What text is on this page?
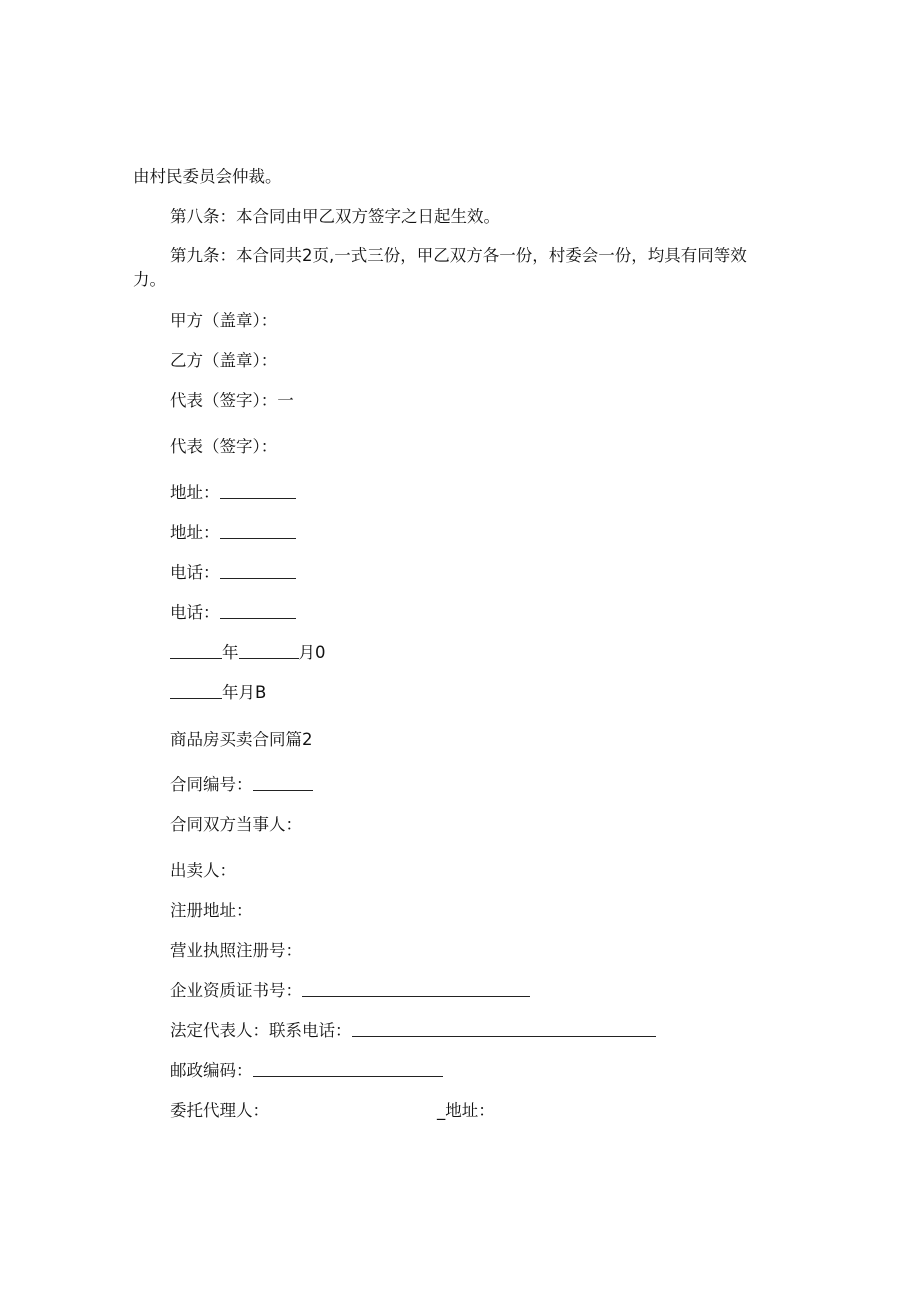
由村民委员会仲裁。
第八条：本合同由甲乙双方签字之日起生效。
第九条：本合同共2页,一式三份，甲乙双方各一份，村委会一份，均具有同等效力。
甲方（盖章）：
乙方（盖章）：
代表（签字）：一
代表（签字）：
地址：
地址：
电话：
电话：
年	月0
年月B
商品房买卖合同篇2
合同编号：
合同双方当事人：
出卖人：
注册地址：
营业执照注册号：
企业资质证书号：
法定代表人：联系电话：
邮政编码：
委托代理人：	_地址：
